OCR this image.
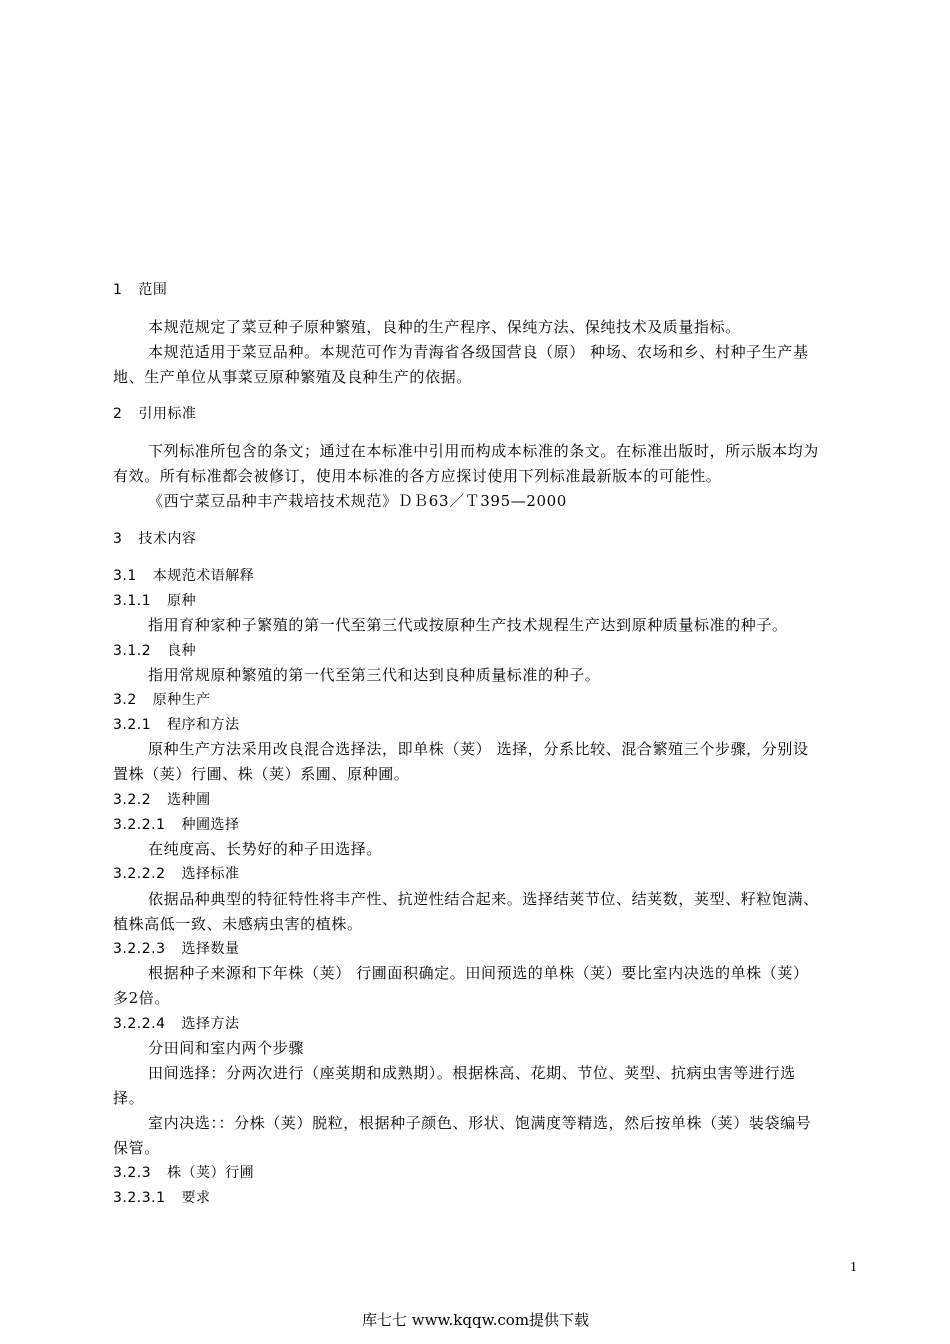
1 范围
本规范规定了菜豆种子原种繁殖，良种的生产程序、保纯方法、保纯技术及质量指标。
本规范适用于菜豆品种。本规范可作为青海省各级国营良（原） 种场、农场和乡、村种子生产基
地、生产单位从事菜豆原种繁殖及良种生产的依据。
2 引用标准
下列标准所包含的条文；通过在本标准中引用而构成本标准的条文。在标准出版时，所示版本均为
有效。所有标准都会被修订，使用本标准的各方应探讨使用下列标准最新版本的可能性。
《西宁菜豆品种丰产栽培技术规范》ＤＢ63／Ｔ395—2000
3 技术内容
3.1 本规范术语解释
3.1.1 原种
指用育种家种子繁殖的第一代至第三代或按原种生产技术规程生产达到原种质量标准的种子。
3.1.2 良种
指用常规原种繁殖的第一代至第三代和达到良种质量标准的种子。
3.2 原种生产
3.2.1 程序和方法
原种生产方法采用改良混合选择法，即单株（荚） 选择，分系比较、混合繁殖三个步骤，分别设
置株（荚）行圃、株（荚）系圃、原种圃。
3.2.2 选种圃
3.2.2.1 种圃选择
在纯度高、长势好的种子田选择。
3.2.2.2 选择标准
依据品种典型的特征特性将丰产性、抗逆性结合起来。选择结荚节位、结荚数，荚型、籽粒饱满、
植株高低一致、未感病虫害的植株。
3.2.2.3 选择数量
根据种子来源和下年株（荚） 行圃面积确定。田间预选的单株（荚）要比室内决选的单株（荚）
多2倍。
3.2.2.4 选择方法
分田间和室内两个步骤
田间选择：分两次进行（座荚期和成熟期）。根据株高、花期、节位、荚型、抗病虫害等进行选
择。
室内决选：：分株（荚）脱粒，根据种子颜色、形状、饱满度等精选，然后按单株（荚）装袋编号
保管。
3.2.3 株（荚）行圃
3.2.3.1 要求
1
库七七 www.kqqw.com提供下载
